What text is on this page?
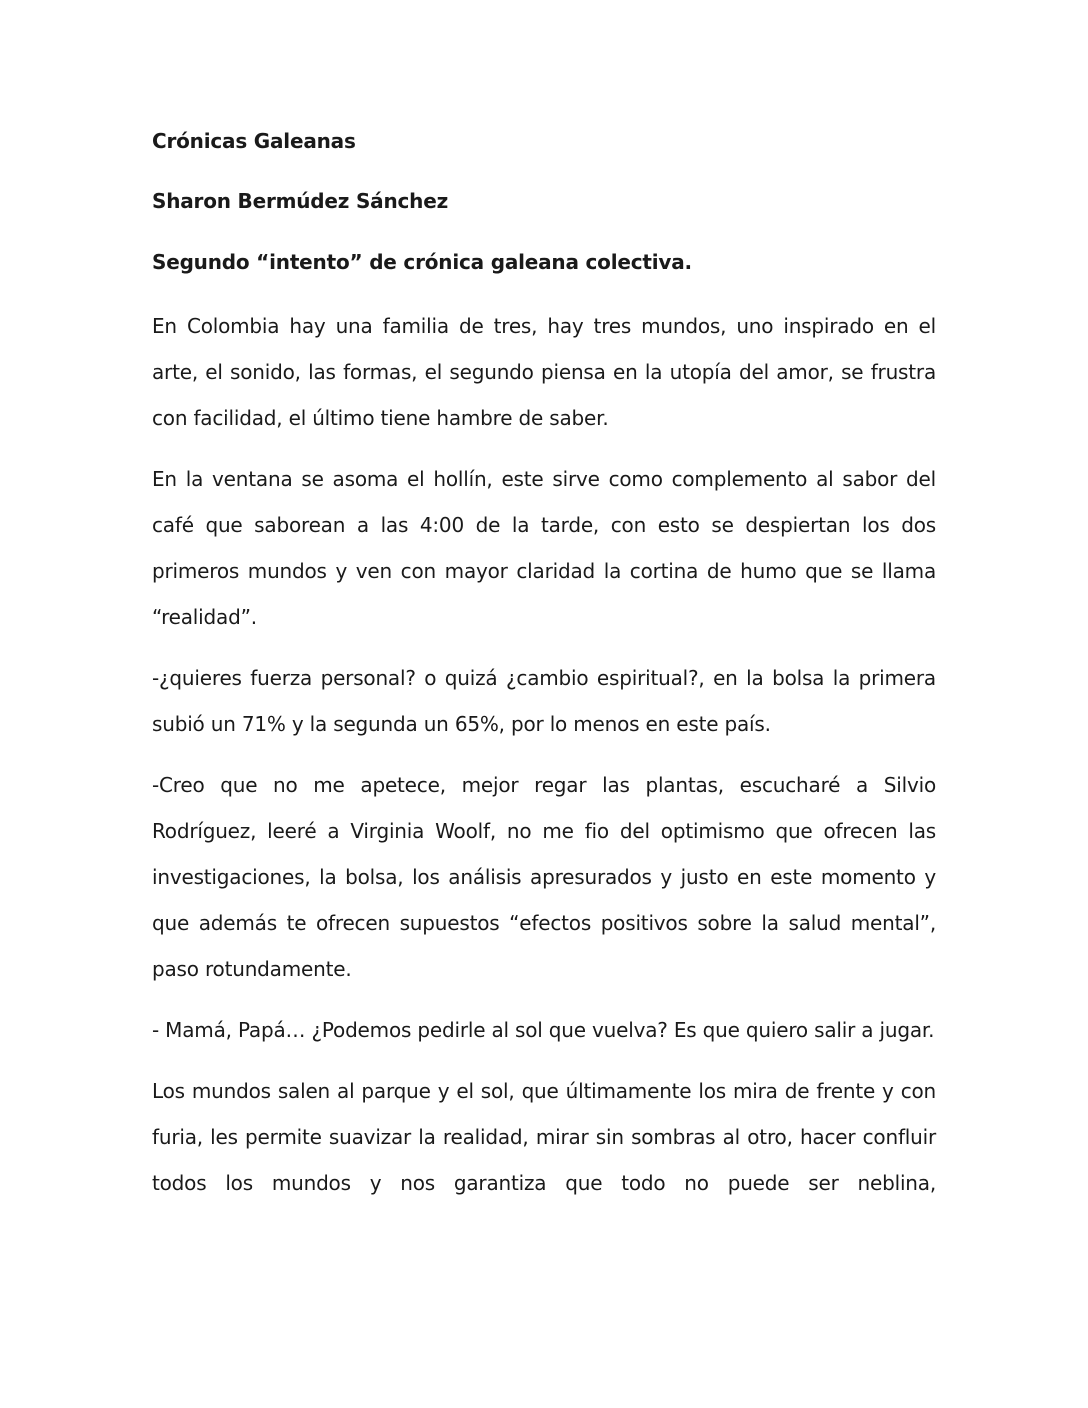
Crónicas Galeanas

Sharon Bermúdez Sánchez

Segundo “intento” de crónica galeana colectiva.

En Colombia hay una familia de tres, hay tres mundos, uno inspirado en el arte, el sonido, las formas, el segundo piensa en la utopía del amor, se frustra con facilidad, el último tiene hambre de saber.

En la ventana se asoma el hollín, este sirve como complemento al sabor del café que saborean a las 4:00 de la tarde, con esto se despiertan los dos primeros mundos y ven con mayor claridad la cortina de humo que se llama “realidad”.

-¿quieres fuerza personal? o quizá ¿cambio espiritual?, en la bolsa la primera subió un 71% y la segunda un 65%, por lo menos en este país.

-Creo que no me apetece, mejor regar las plantas, escucharé a Silvio Rodríguez, leeré a Virginia Woolf, no me fio del optimismo que ofrecen las investigaciones, la bolsa, los análisis apresurados y justo en este momento y que además te ofrecen supuestos “efectos positivos sobre la salud mental”, paso rotundamente.

- Mamá, Papá… ¿Podemos pedirle al sol que vuelva? Es que quiero salir a jugar.

Los mundos salen al parque y el sol, que últimamente los mira de frente y con furia, les permite suavizar la realidad, mirar sin sombras al otro, hacer confluir todos los mundos y nos garantiza que todo no puede ser neblina,
